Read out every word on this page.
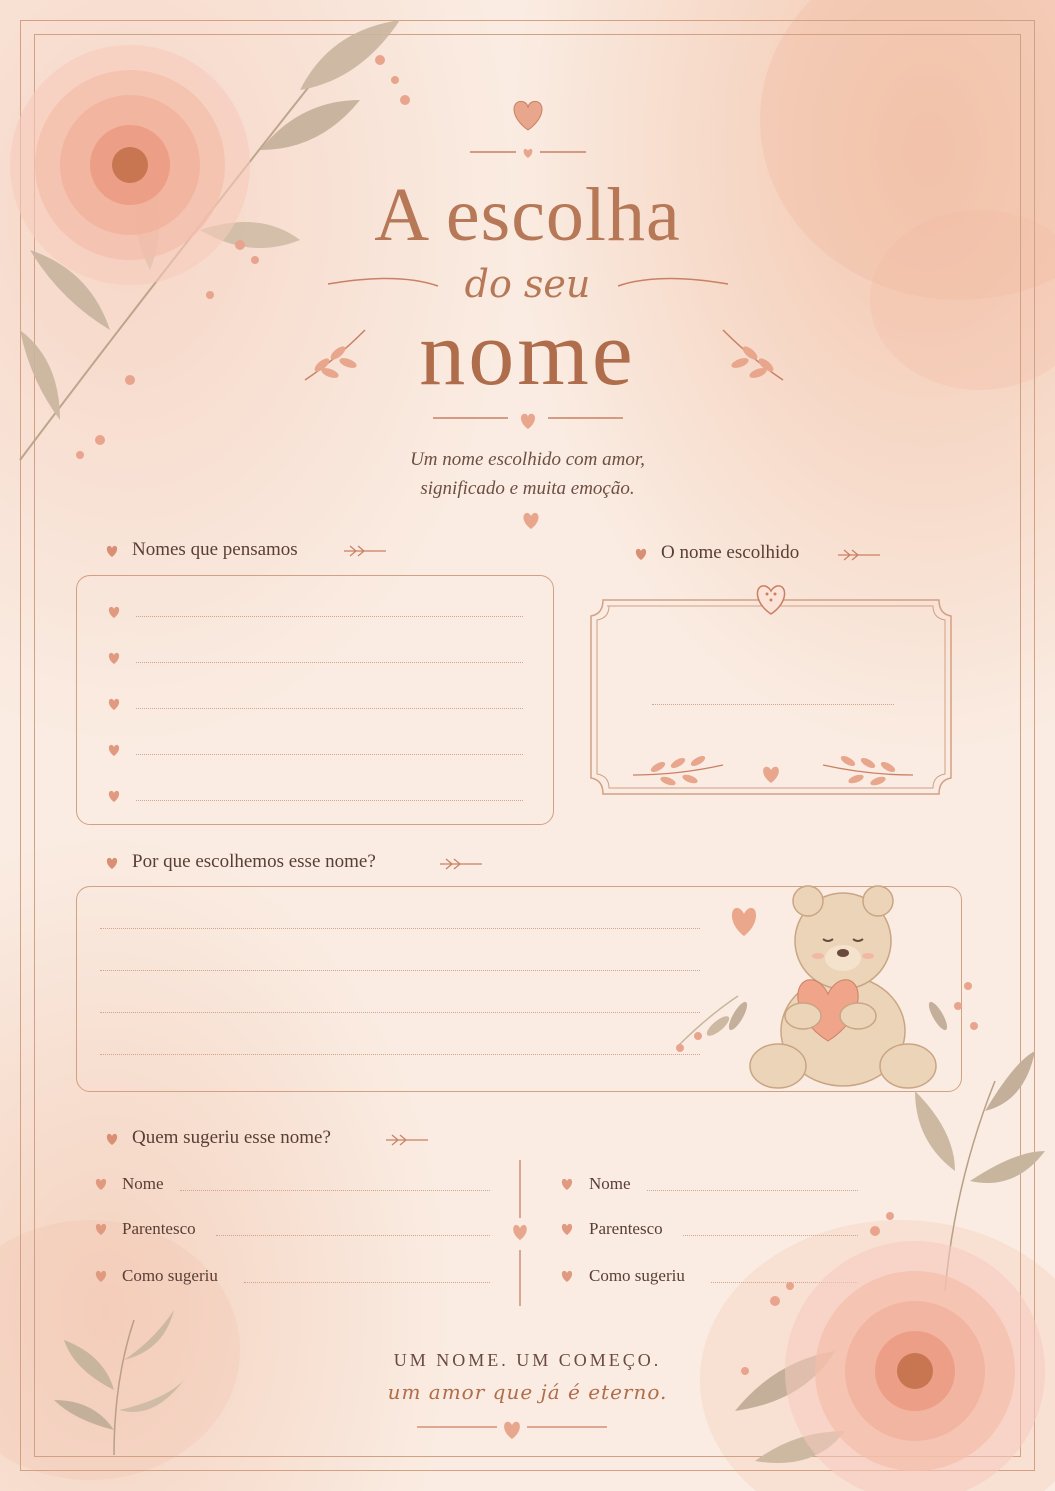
A escolha
do seu
nome
Um nome escolhido com amor,
significado e muita emoção.
Nomes que pensamos	O nome escolhido
Por que escolhemos esse nome?
Quem sugeriu esse nome?
Nome
Parentesco
Como sugeriu
Nome
Parentesco
Como sugeriu
UM NOME. UM COMEÇO.
um amor que já é eterno.
